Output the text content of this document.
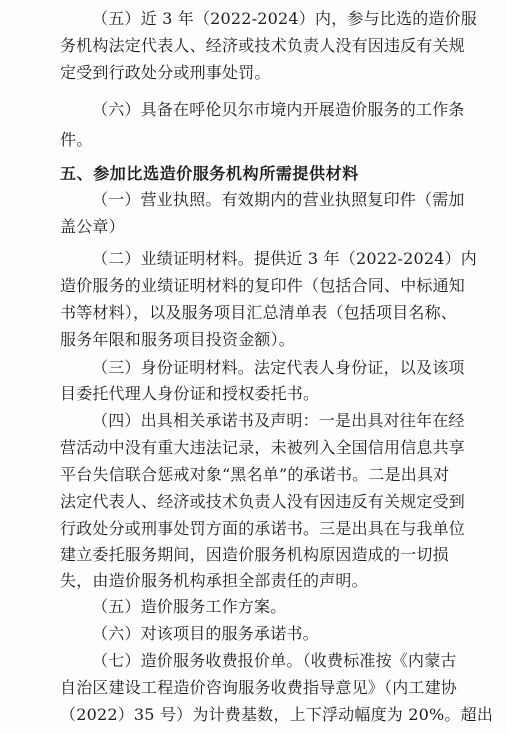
（五）近 3 年（2022-2024）内，参与比选的造价服
务机构法定代表人、经济或技术负责人没有因违反有关规
定受到行政处分或刑事处罚。
（六）具备在呼伦贝尔市境内开展造价服务的工作条
件。
五、参加比选造价服务机构所需提供材料
（一）营业执照。有效期内的营业执照复印件（需加
盖公章）
（二）业绩证明材料。提供近 3 年（2022-2024）内
造价服务的业绩证明材料的复印件（包括合同、中标通知
书等材料），以及服务项目汇总清单表（包括项目名称、
服务年限和服务项目投资金额）。
（三）身份证明材料。法定代表人身份证，以及该项
目委托代理人身份证和授权委托书。
（四）出具相关承诺书及声明：一是出具对往年在经
营活动中没有重大违法记录，未被列入全国信用信息共享
平台失信联合惩戒对象“黑名单”的承诺书。二是出具对
法定代表人、经济或技术负责人没有因违反有关规定受到
行政处分或刑事处罚方面的承诺书。三是出具在与我单位
建立委托服务期间，因造价服务机构原因造成的一切损
失，由造价服务机构承担全部责任的声明。
（五）造价服务工作方案。
（六）对该项目的服务承诺书。
（七）造价服务收费报价单。（收费标准按《内蒙古
自治区建设工程造价咨询服务收费指导意见》（内工建协
（2022）35 号）为计费基数，上下浮动幅度为 20%。超出
